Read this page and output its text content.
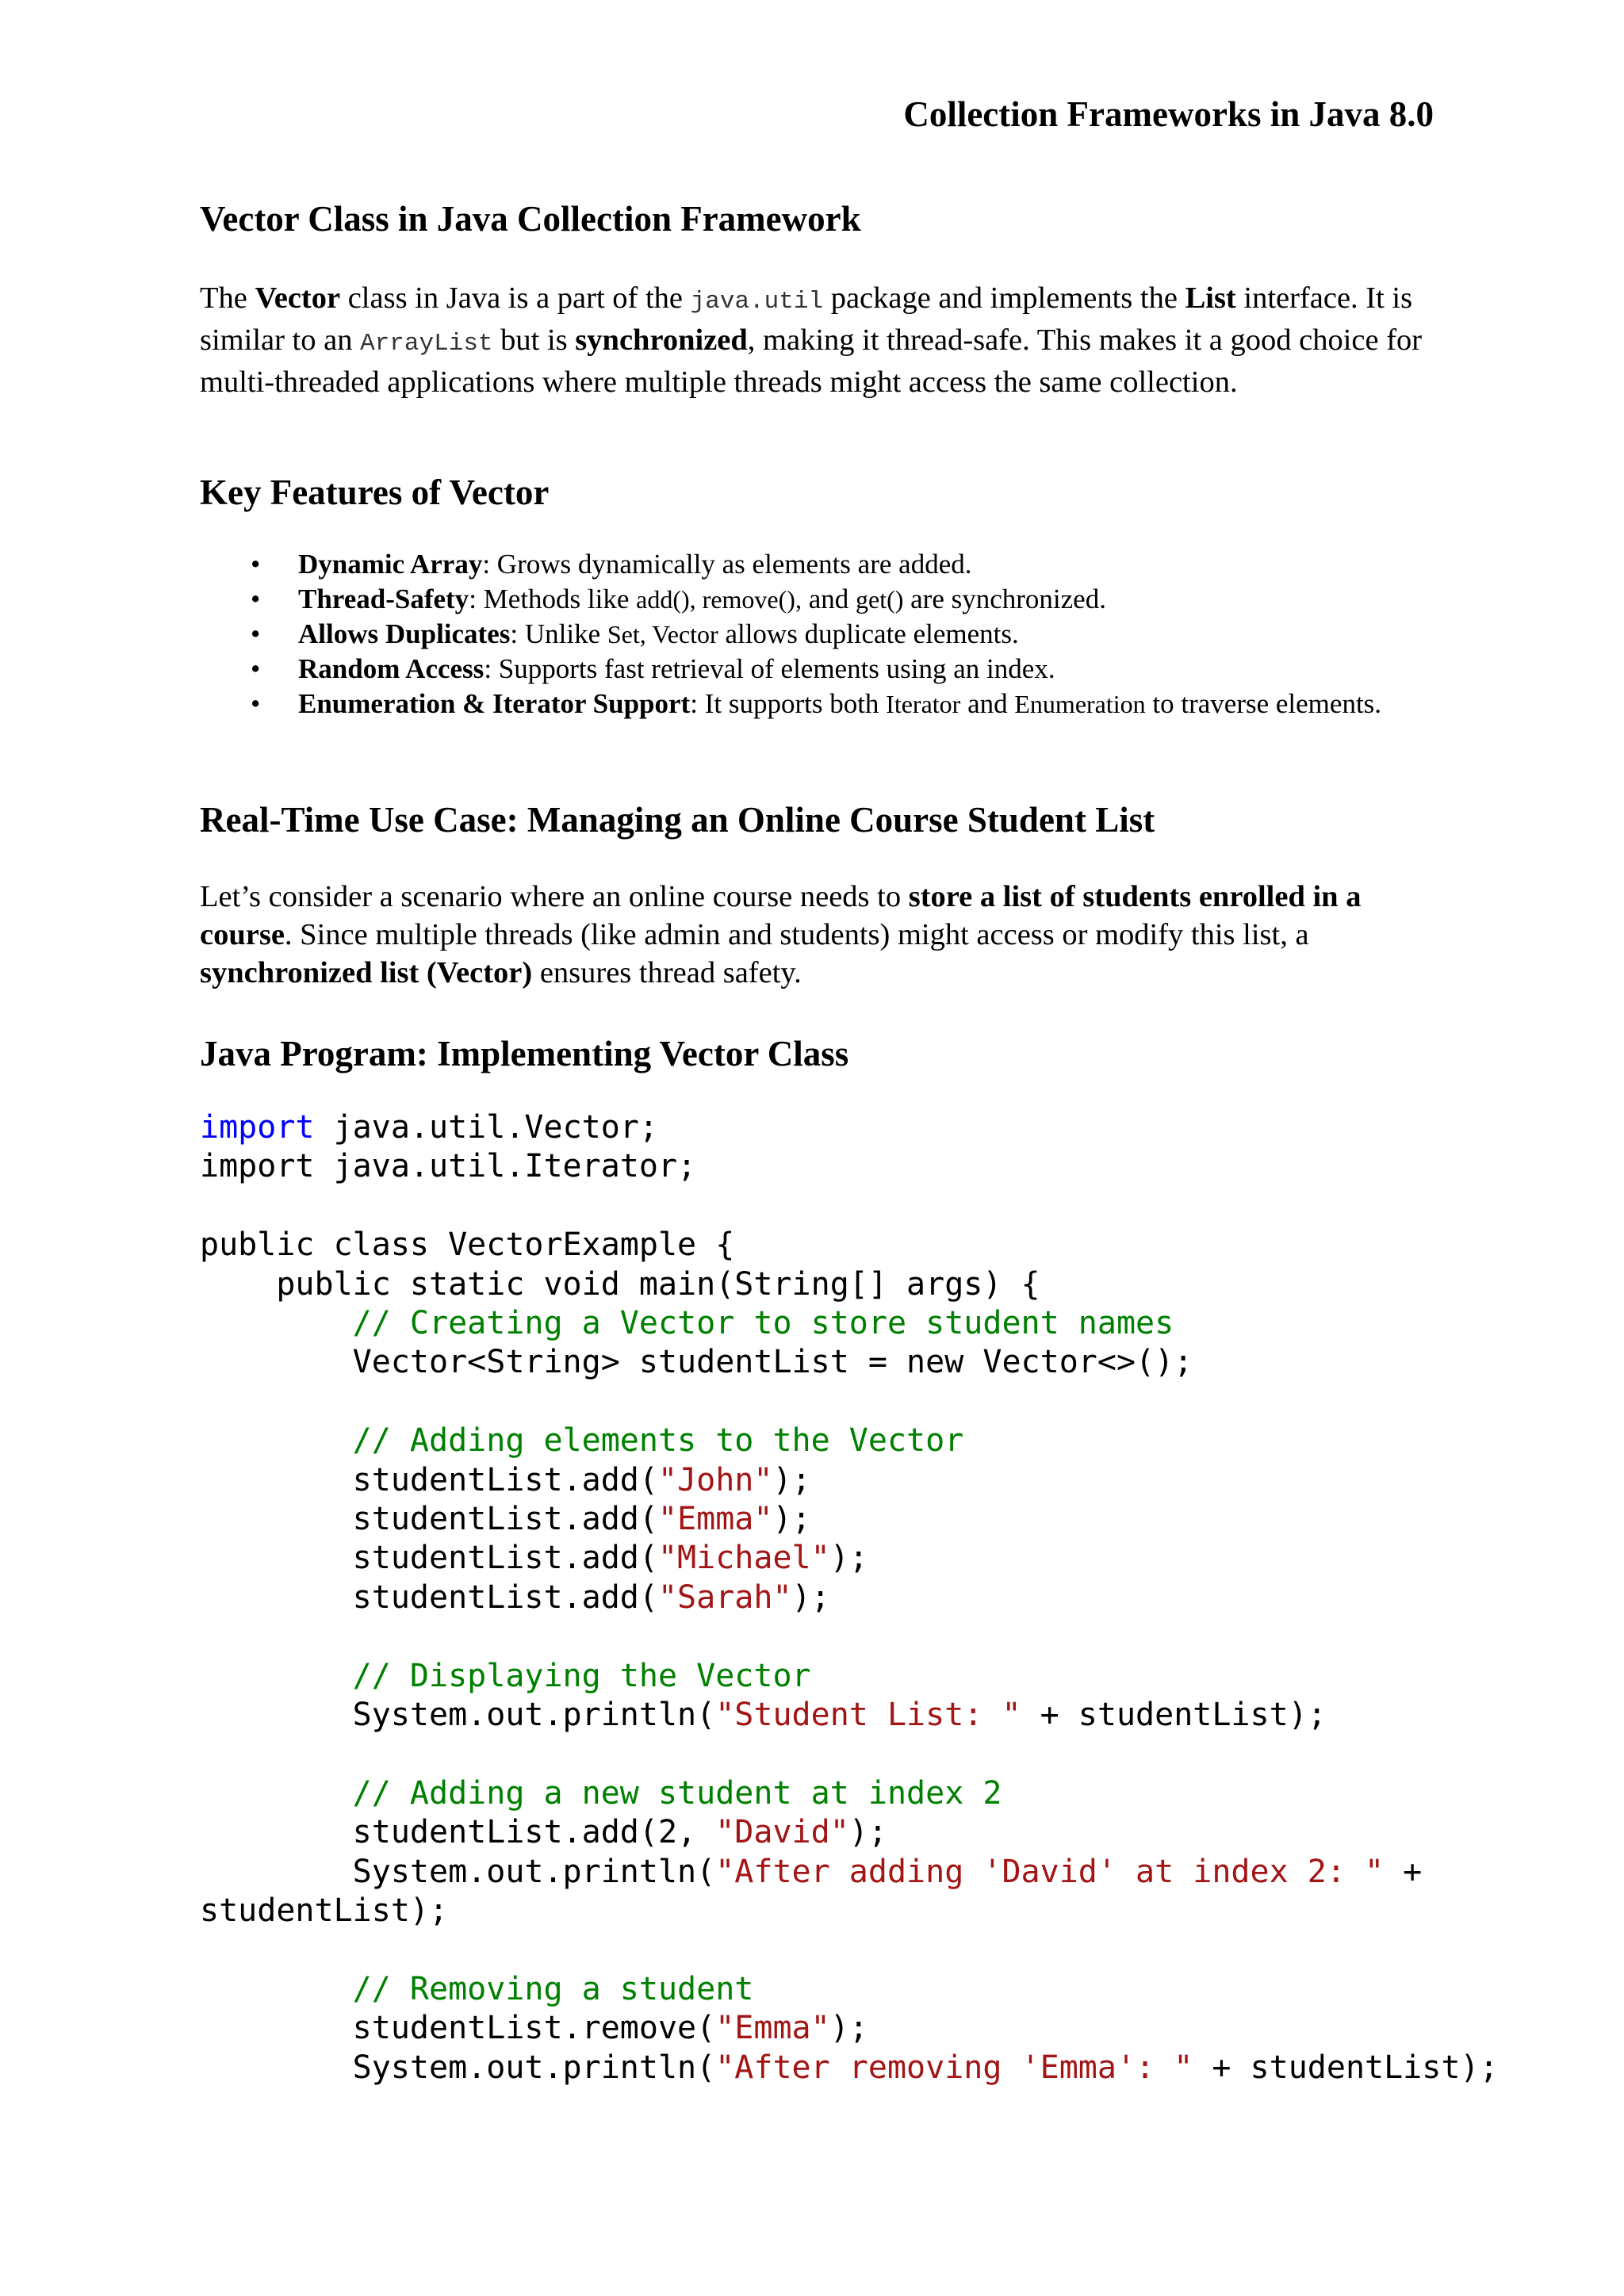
Collection Frameworks in Java 8.0
Vector Class in Java Collection Framework

The Vector class in Java is a part of the java.util package and implements the List interface. It is similar to an ArrayList but is synchronized, making it thread-safe. This makes it a good choice for multi-threaded applications where multiple threads might access the same collection.

Key Features of Vector
• Dynamic Array: Grows dynamically as elements are added.
• Thread-Safety: Methods like add(), remove(), and get() are synchronized.
• Allows Duplicates: Unlike Set, Vector allows duplicate elements.
• Random Access: Supports fast retrieval of elements using an index.
• Enumeration & Iterator Support: It supports both Iterator and Enumeration to traverse elements.
Real-Time Use Case: Managing an Online Course Student List

Let’s consider a scenario where an online course needs to store a list of students enrolled in a course. Since multiple threads (like admin and students) might access or modify this list, a synchronized list (Vector) ensures thread safety.

Java Program: Implementing Vector Class
import java.util.Vector;
import java.util.Iterator;

public class VectorExample {
public static void main(String[] args) {
// Creating a Vector to store student names
Vector<String> studentList = new Vector<>();

// Adding elements to the Vector
studentList.add("John");
studentList.add("Emma");
studentList.add("Michael");
studentList.add("Sarah");

// Displaying the Vector
System.out.println("Student List: " + studentList);

// Adding a new student at index 2
studentList.add(2, "David");
System.out.println("After adding 'David' at index 2: " +
studentList);

// Removing a student
studentList.remove("Emma");
System.out.println("After removing 'Emma': " + studentList);
